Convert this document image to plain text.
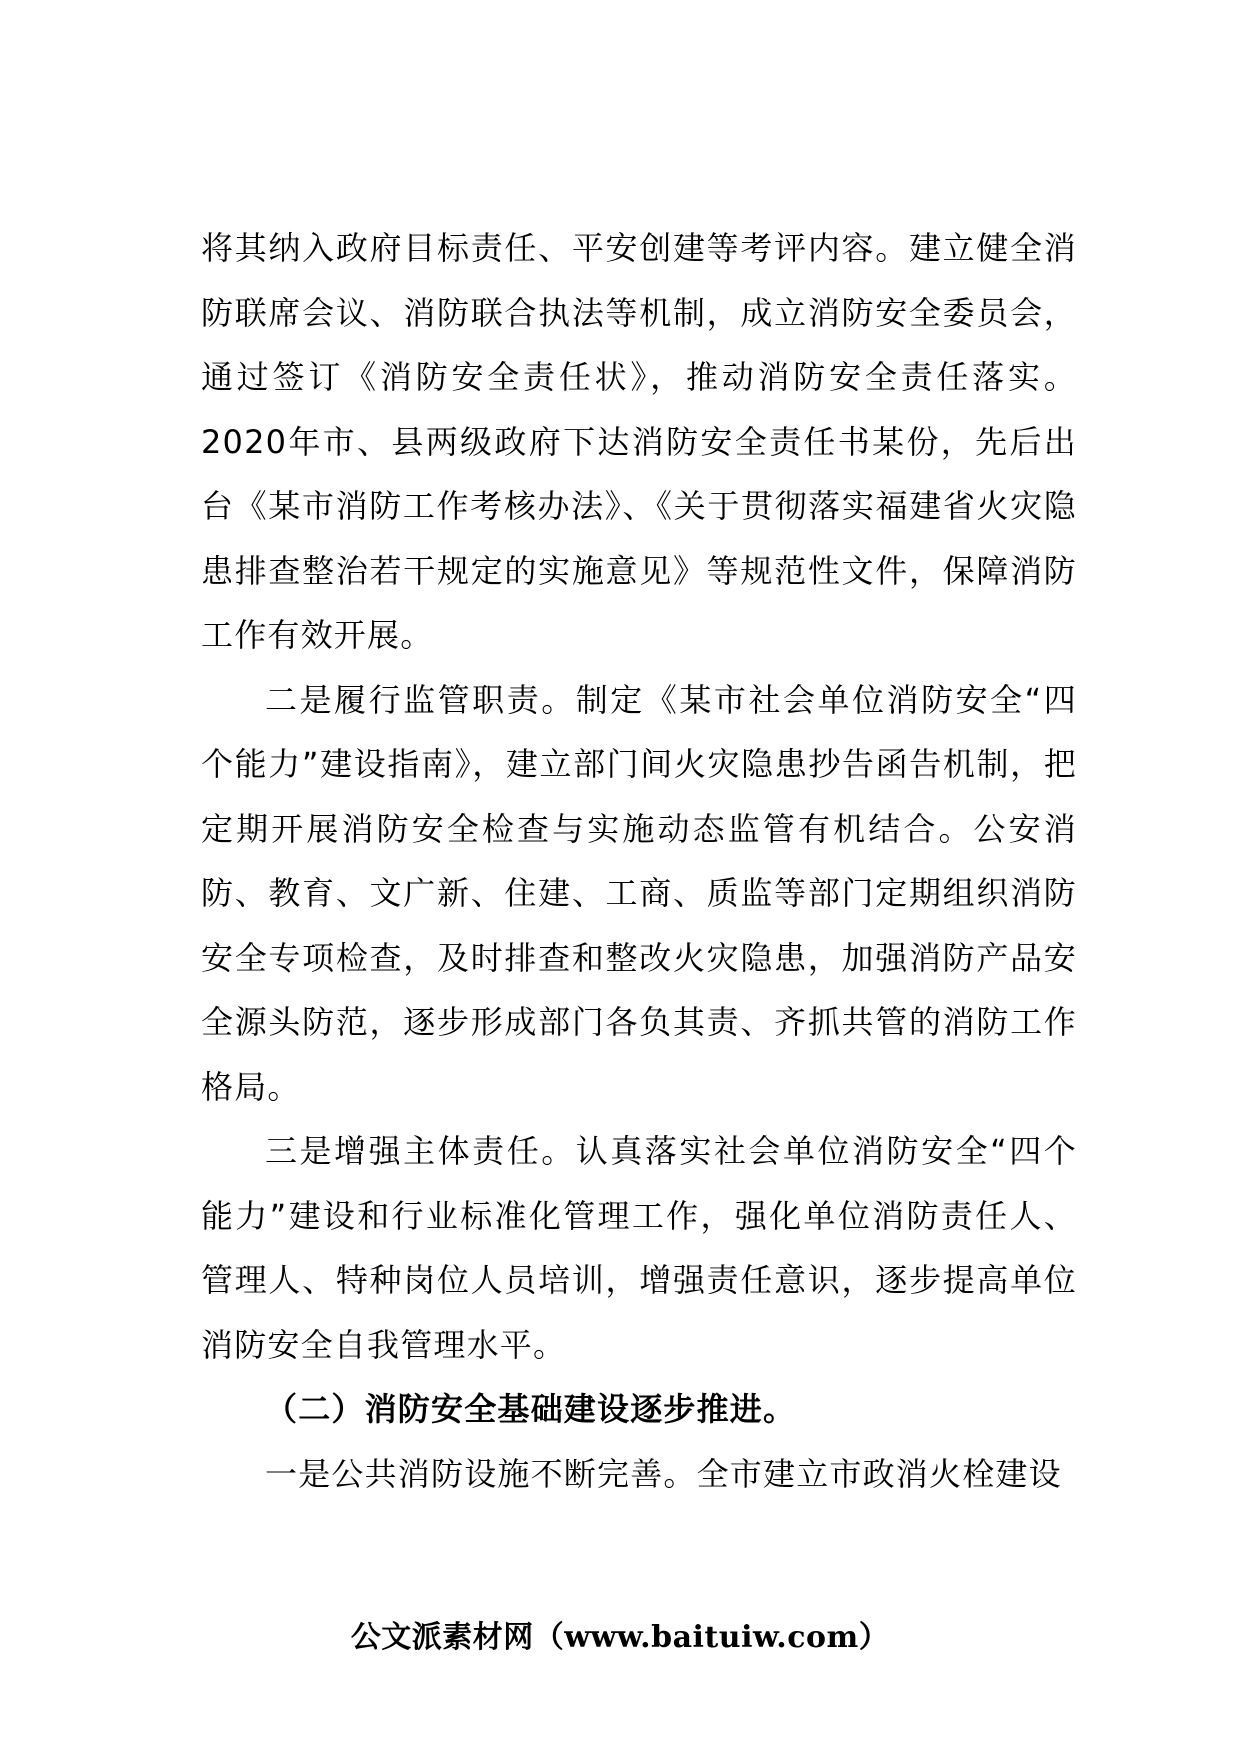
将其纳入政府目标责任、平安创建等考评内容。建立健全消防联席会议、消防联合执法等机制，成立消防安全委员会，通过签订《消防安全责任状》，推动消防安全责任落实。2020年市、县两级政府下达消防安全责任书某份，先后出台《某市消防工作考核办法》、《关于贯彻落实福建省火灾隐患排查整治若干规定的实施意见》等规范性文件，保障消防工作有效开展。

二是履行监管职责。制定《某市社会单位消防安全“四个能力”建设指南》，建立部门间火灾隐患抄告函告机制，把定期开展消防安全检查与实施动态监管有机结合。公安消防、教育、文广新、住建、工商、质监等部门定期组织消防安全专项检查，及时排查和整改火灾隐患，加强消防产品安全源头防范，逐步形成部门各负其责、齐抓共管的消防工作格局。

三是增强主体责任。认真落实社会单位消防安全“四个能力”建设和行业标准化管理工作，强化单位消防责任人、管理人、特种岗位人员培训，增强责任意识，逐步提高单位消防安全自我管理水平。

（二）消防安全基础建设逐步推进。

一是公共消防设施不断完善。全市建立市政消火栓建设

公文派素材网（www.baituiw.com）
